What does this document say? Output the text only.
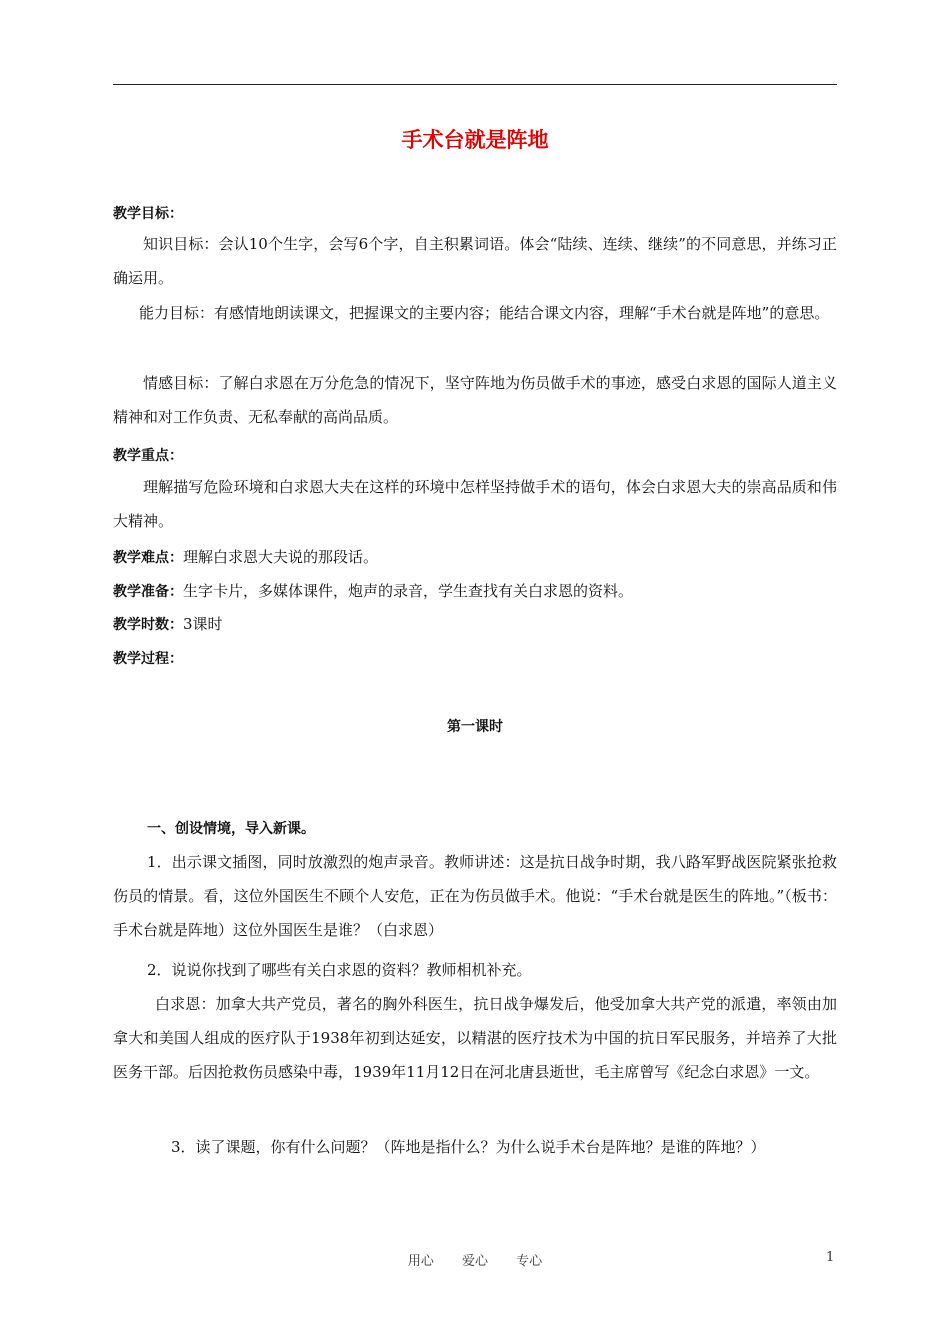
手术台就是阵地

教学目标：

知识目标：会认10个生字，会写6个字，自主积累词语。体会“陆续、连续、继续”的不同意思，并练习正确运用。

能力目标：有感情地朗读课文，把握课文的主要内容；能结合课文内容，理解“手术台就是阵地”的意思。

情感目标：了解白求恩在万分危急的情况下，坚守阵地为伤员做手术的事迹，感受白求恩的国际人道主义精神和对工作负责、无私奉献的高尚品质。

教学重点：

理解描写危险环境和白求恩大夫在这样的环境中怎样坚持做手术的语句，体会白求恩大夫的崇高品质和伟大精神。

教学难点：理解白求恩大夫说的那段话。

教学准备：生字卡片，多媒体课件，炮声的录音，学生查找有关白求恩的资料。

教学时数：3课时

教学过程：

第一课时

一、创设情境，导入新课。

1．出示课文插图，同时放激烈的炮声录音。教师讲述：这是抗日战争时期，我八路军野战医院紧张抢救伤员的情景。看，这位外国医生不顾个人安危，正在为伤员做手术。他说：“手术台就是医生的阵地。”（板书：手术台就是阵地）这位外国医生是谁？（白求恩）

2．说说你找到了哪些有关白求恩的资料？教师相机补充。

白求恩：加拿大共产党员，著名的胸外科医生，抗日战争爆发后，他受加拿大共产党的派遣，率领由加拿大和美国人组成的医疗队于1938年初到达延安，以精湛的医疗技术为中国的抗日军民服务，并培养了大批医务干部。后因抢救伤员感染中毒，1939年11月12日在河北唐县逝世，毛主席曾写《纪念白求恩》一文。

3．读了课题，你有什么问题？（阵地是指什么？为什么说手术台是阵地？是谁的阵地？）

用心 爱心 专心	1
